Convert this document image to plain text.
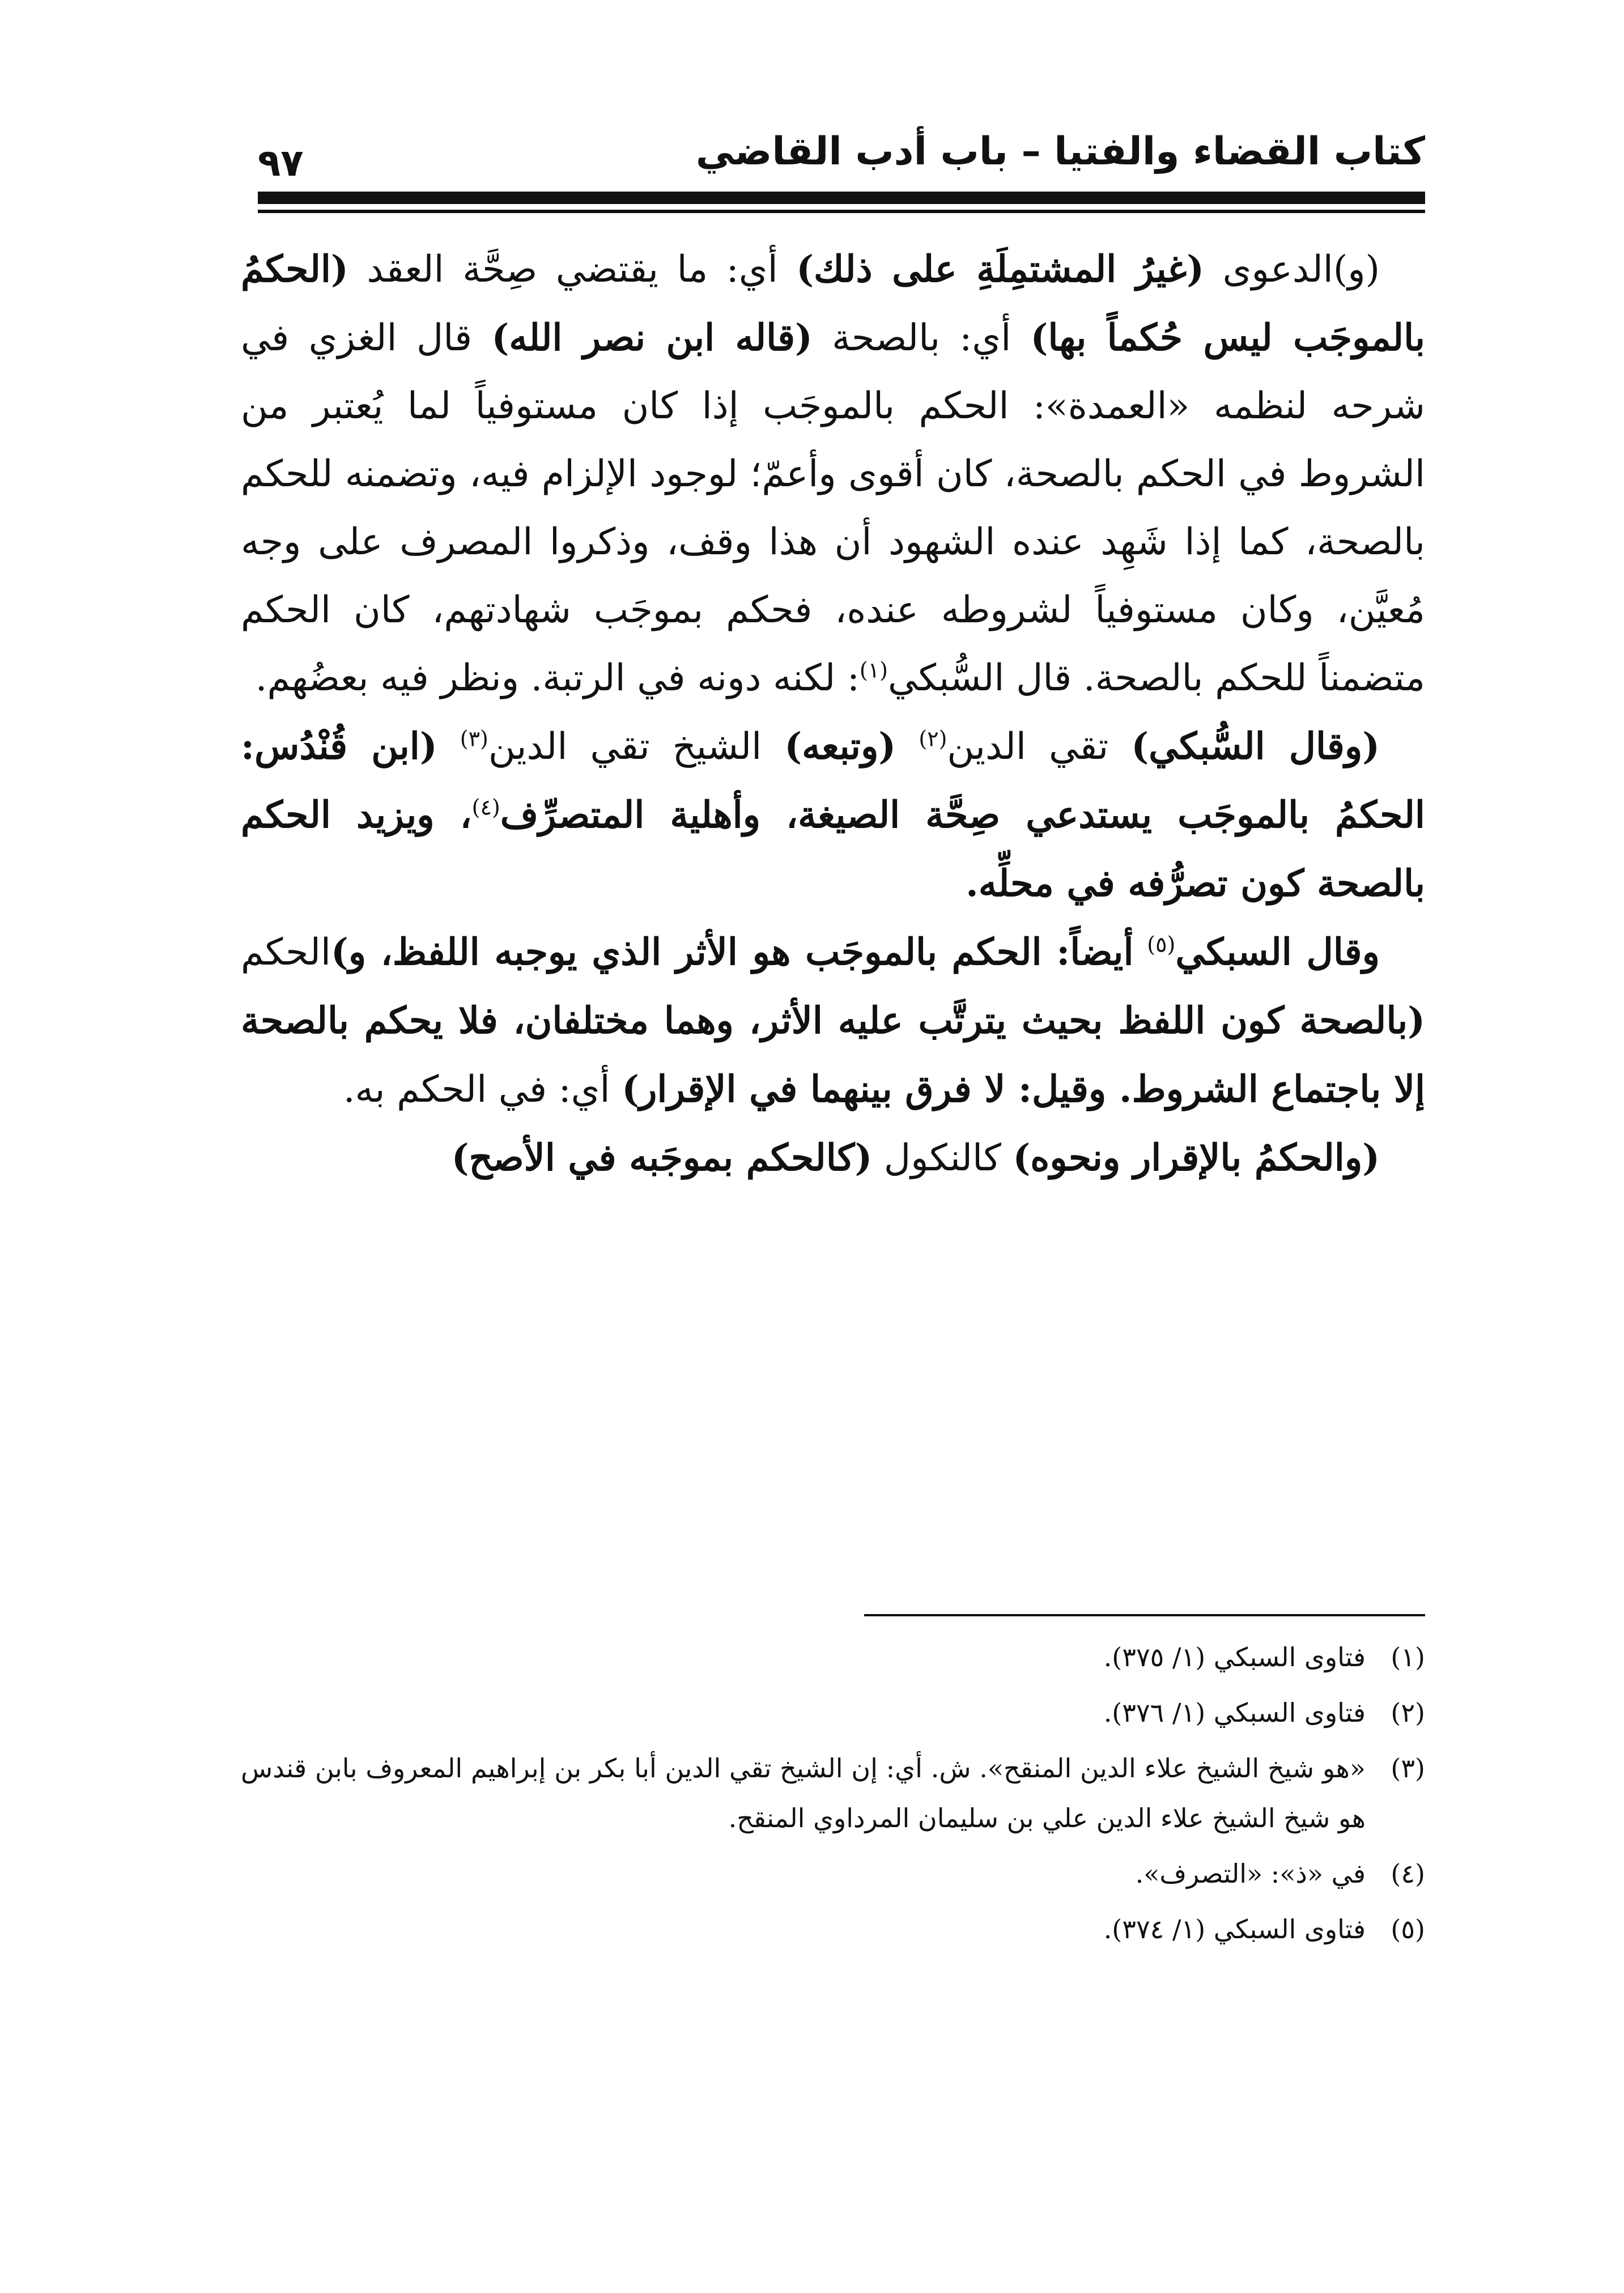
كتاب القضاء والفتيا – باب أدب القاضي
٩٧

(و)الدعوى (غيرُ المشتمِلَةِ على ذلك) أي: ما يقتضي صِحَّة العقد (الحكمُ بالموجَب ليس حُكماً بها) أي: بالصحة (قاله ابن نصر الله) قال الغزي في شرحه لنظمه «العمدة»: الحكم بالموجَب إذا كان مستوفياً لما يُعتبر من الشروط في الحكم بالصحة، كان أقوى وأعمّ؛ لوجود الإلزام فيه، وتضمنه للحكم بالصحة، كما إذا شَهِد عنده الشهود أن هذا وقف، وذكروا المصرف على وجه مُعيَّن، وكان مستوفياً لشروطه عنده، فحكم بموجَب شهادتهم، كان الحكم متضمناً للحكم بالصحة. قال السُّبكي$^{(١)}$: لكنه دونه في الرتبة. ونظر فيه بعضُهم.

(وقال السُّبكي) تقي الدين$^{(٢)}$ (وتبعه) الشيخ تقي الدين$^{(٣)}$ (ابن قُنْدُس: الحكمُ بالموجَب يستدعي صِحَّة الصيغة، وأهلية المتصرِّف$^{(٤)}$، ويزيد الحكم بالصحة كون تصرُّفه في محلِّه.

وقال السبكي$^{(٥)}$ أيضاً: الحكم بالموجَب هو الأثر الذي يوجبه اللفظ، و)الحكم (بالصحة كون اللفظ بحيث يترتَّب عليه الأثر، وهما مختلفان، فلا يحكم بالصحة إلا باجتماع الشروط. وقيل: لا فرق بينهما في الإقرار) أي: في الحكم به.

(والحكمُ بالإقرار ونحوه) كالنكول (كالحكم بموجَبه في الأصح)

(١)
فتاوى السبكي (١/ ٣٧٥).
(٢)
فتاوى السبكي (١/ ٣٧٦).
(٣)
«هو شيخ الشيخ علاء الدين المنقح». ش. أي: إن الشيخ تقي الدين أبا بكر بن إبراهيم المعروف بابن قندس هو شيخ الشيخ علاء الدين علي بن سليمان المرداوي المنقح.
(٤)
في «ذ»: «التصرف».
(٥)
فتاوى السبكي (١/ ٣٧٤).
